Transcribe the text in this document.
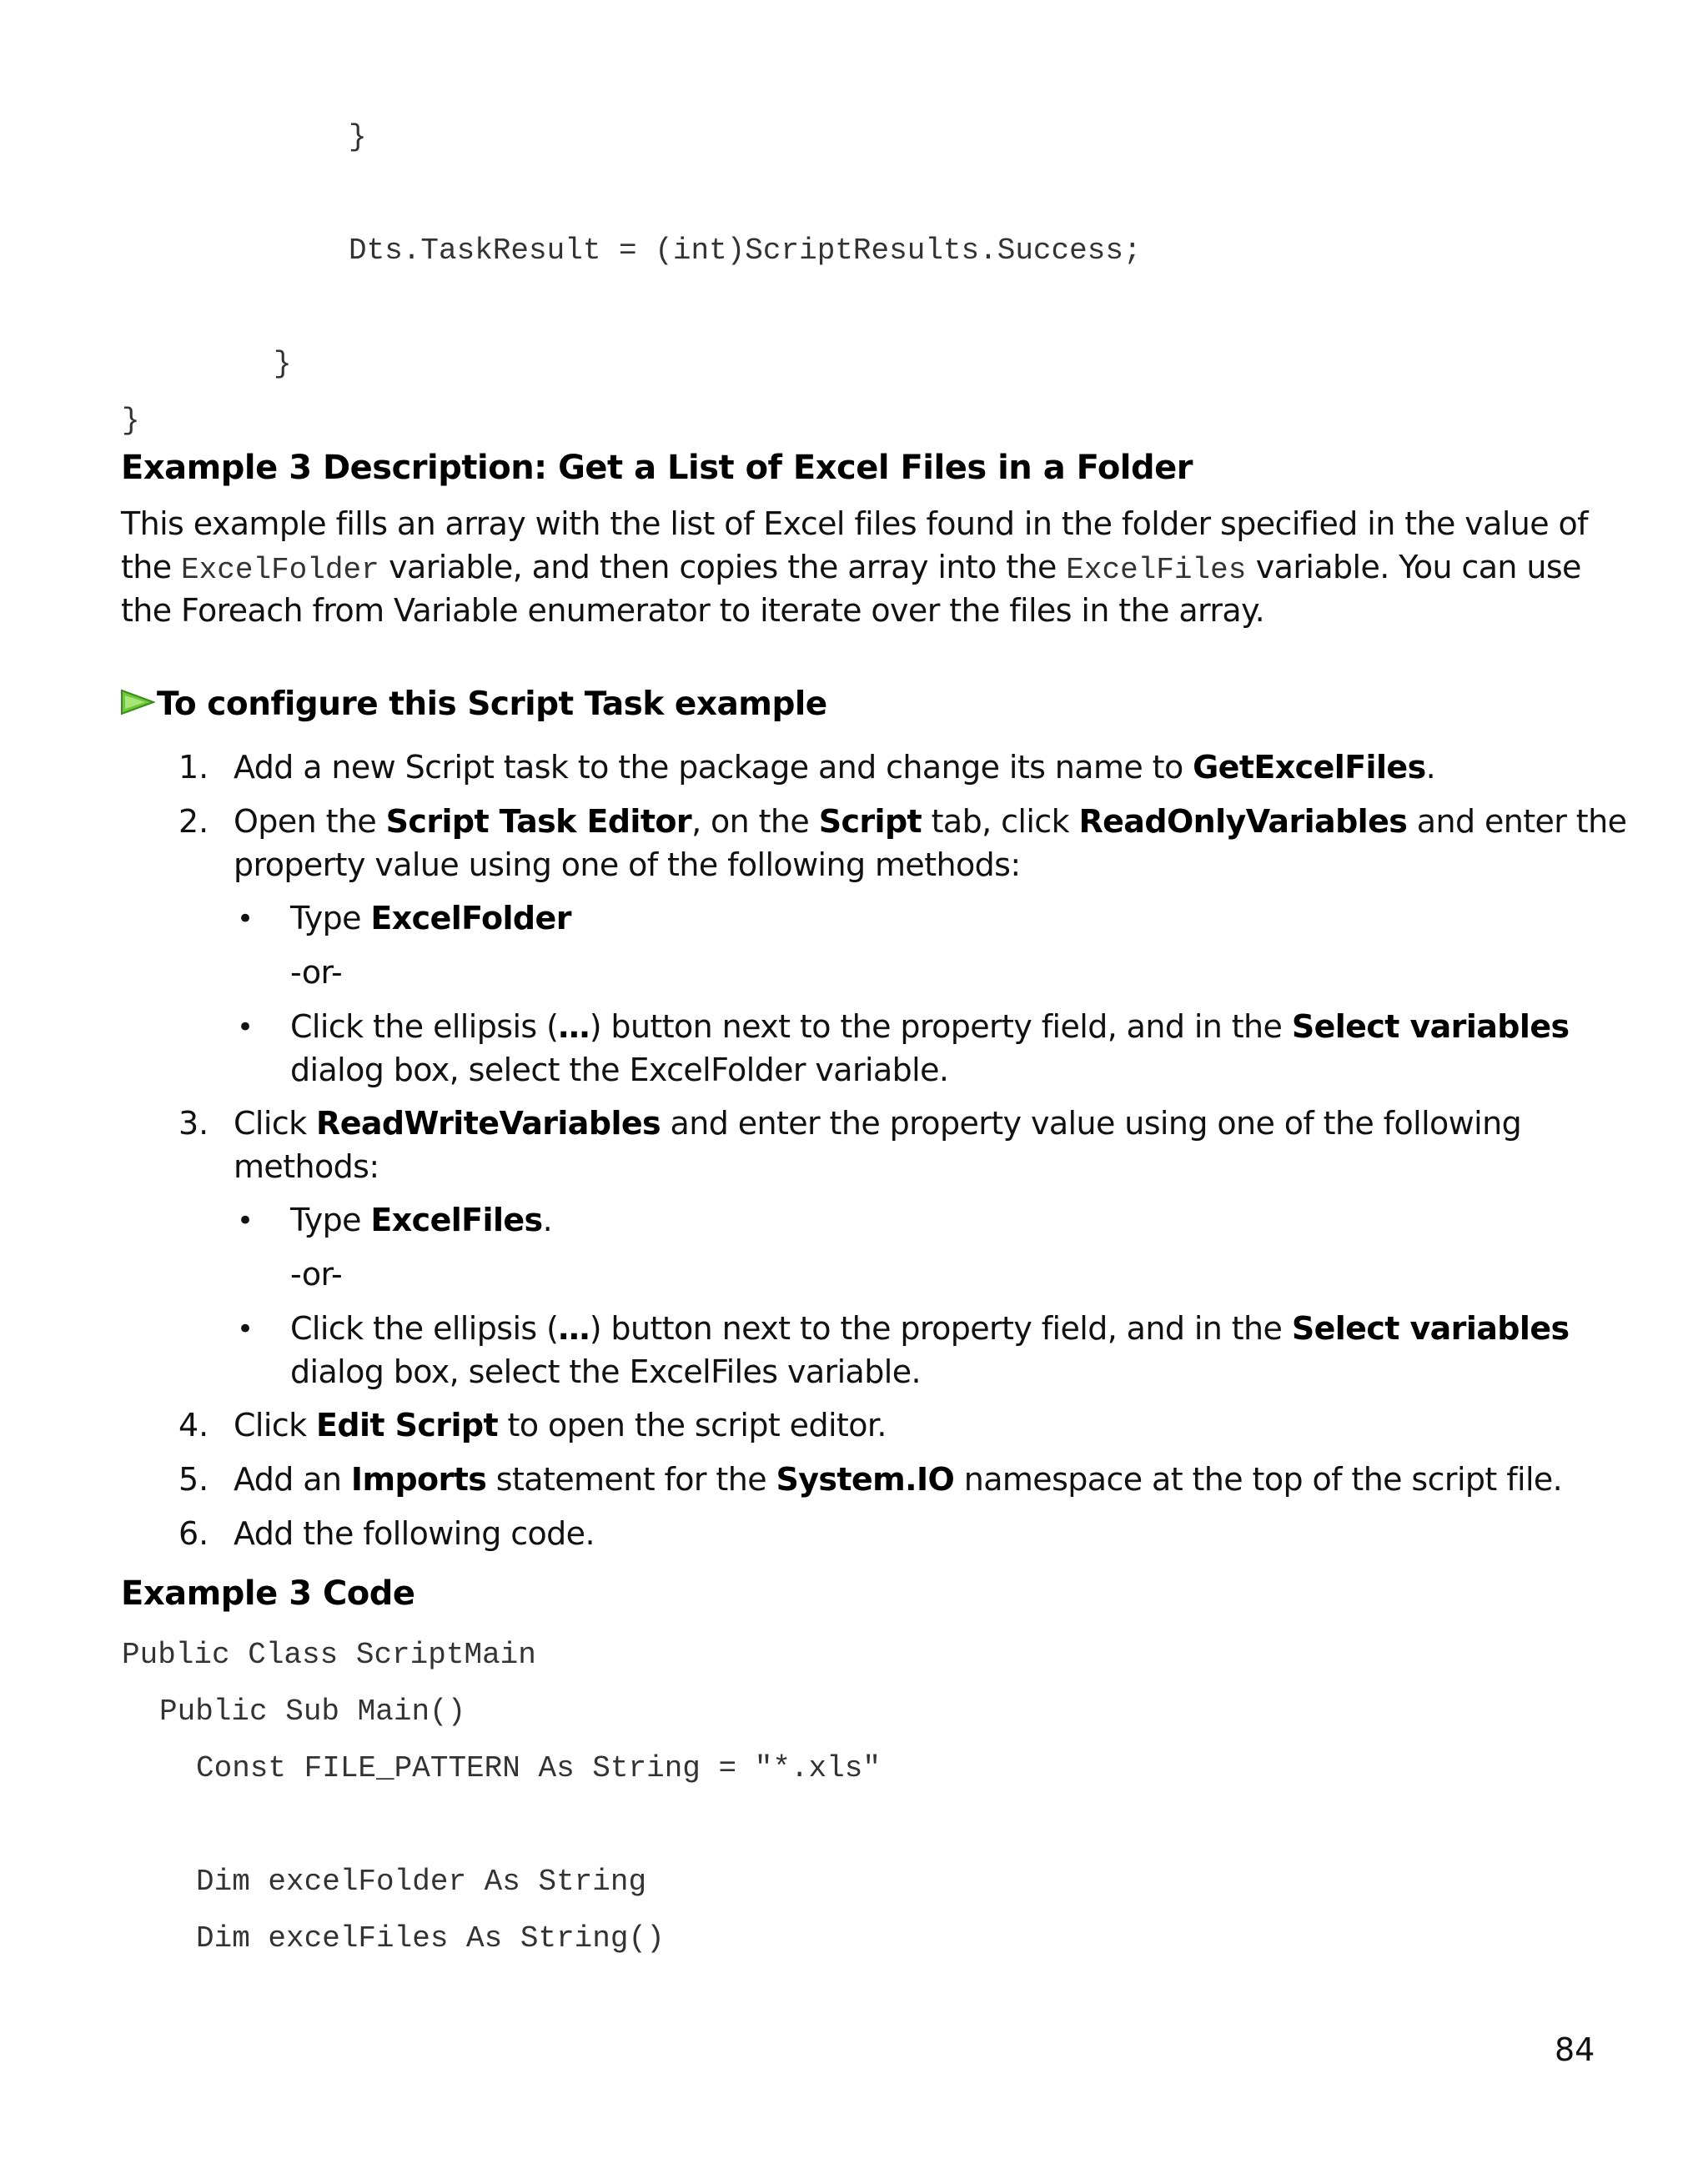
}
Dts.TaskResult = (int)ScriptResults.Success;
}
}
Example 3 Description: Get a List of Excel Files in a Folder
This example fills an array with the list of Excel files found in the folder specified in the value of
the ExcelFolder variable, and then copies the array into the ExcelFiles variable. You can use
the Foreach from Variable enumerator to iterate over the files in the array.
To configure this Script Task example
1. Add a new Script task to the package and change its name to GetExcelFiles.
2. Open the Script Task Editor, on the Script tab, click ReadOnlyVariables and enter the
property value using one of the following methods:
• Type ExcelFolder
-or-
• Click the ellipsis (…) button next to the property field, and in the Select variables
dialog box, select the ExcelFolder variable.
3. Click ReadWriteVariables and enter the property value using one of the following
methods:
• Type ExcelFiles.
-or-
• Click the ellipsis (…) button next to the property field, and in the Select variables
dialog box, select the ExcelFiles variable.
4. Click Edit Script to open the script editor.
5. Add an Imports statement for the System.IO namespace at the top of the script file.
6. Add the following code.
Example 3 Code
Public Class ScriptMain
Public Sub Main()
Const FILE_PATTERN As String = "*.xls"
Dim excelFolder As String
Dim excelFiles As String()
84
